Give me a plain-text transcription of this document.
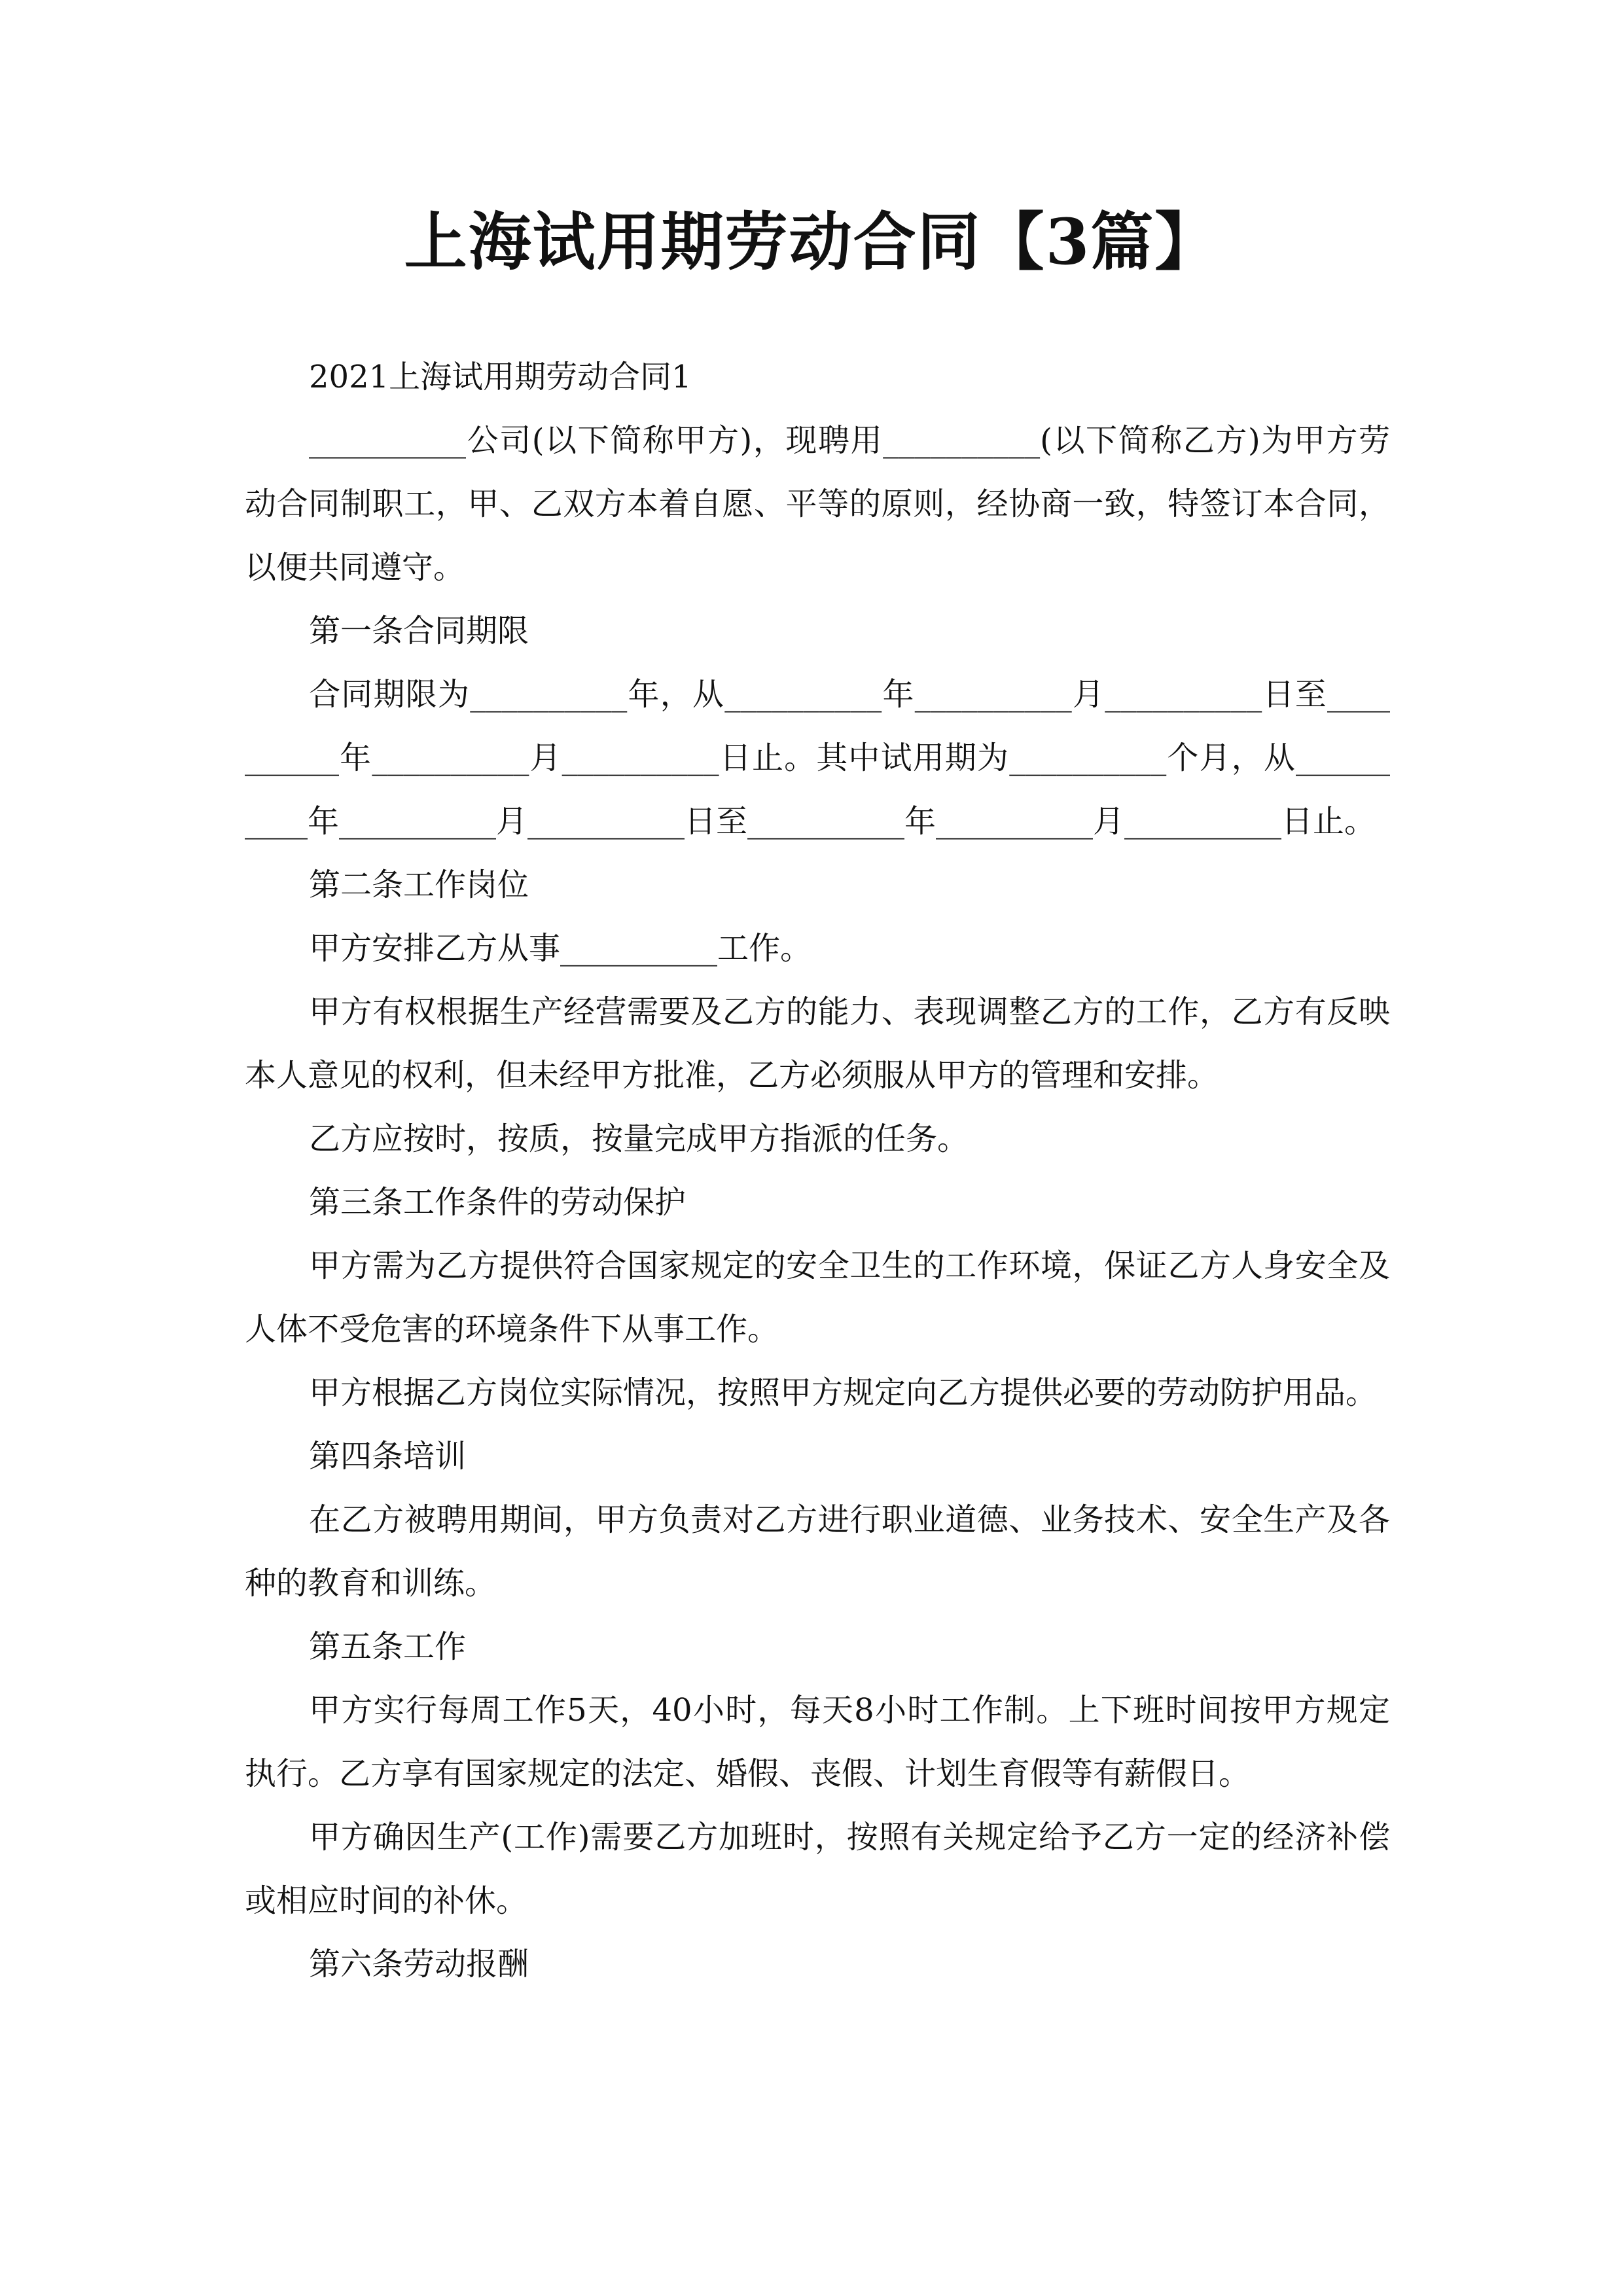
上海试用期劳动合同【3篇】

2021上海试用期劳动合同1

__________公司(以下简称甲方)，现聘用__________(以下简称乙方)为甲方劳动合同制职工，甲、乙双方本着自愿、平等的原则，经协商一致，特签订本合同，以便共同遵守。

第一条合同期限

合同期限为__________年，从__________年__________月__________日至__________年__________月__________日止。其中试用期为__________个月，从__________年__________月__________日至__________年__________月__________日止。

第二条工作岗位

甲方安排乙方从事__________工作。

甲方有权根据生产经营需要及乙方的能力、表现调整乙方的工作，乙方有反映本人意见的权利，但未经甲方批准，乙方必须服从甲方的管理和安排。

乙方应按时，按质，按量完成甲方指派的任务。

第三条工作条件的劳动保护

甲方需为乙方提供符合国家规定的安全卫生的工作环境，保证乙方人身安全及人体不受危害的环境条件下从事工作。

甲方根据乙方岗位实际情况，按照甲方规定向乙方提供必要的劳动防护用品。

第四条培训

在乙方被聘用期间，甲方负责对乙方进行职业道德、业务技术、安全生产及各种的教育和训练。

第五条工作

甲方实行每周工作5天，40小时，每天8小时工作制。上下班时间按甲方规定执行。乙方享有国家规定的法定、婚假、丧假、计划生育假等有薪假日。

甲方确因生产(工作)需要乙方加班时，按照有关规定给予乙方一定的经济补偿或相应时间的补休。

第六条劳动报酬
